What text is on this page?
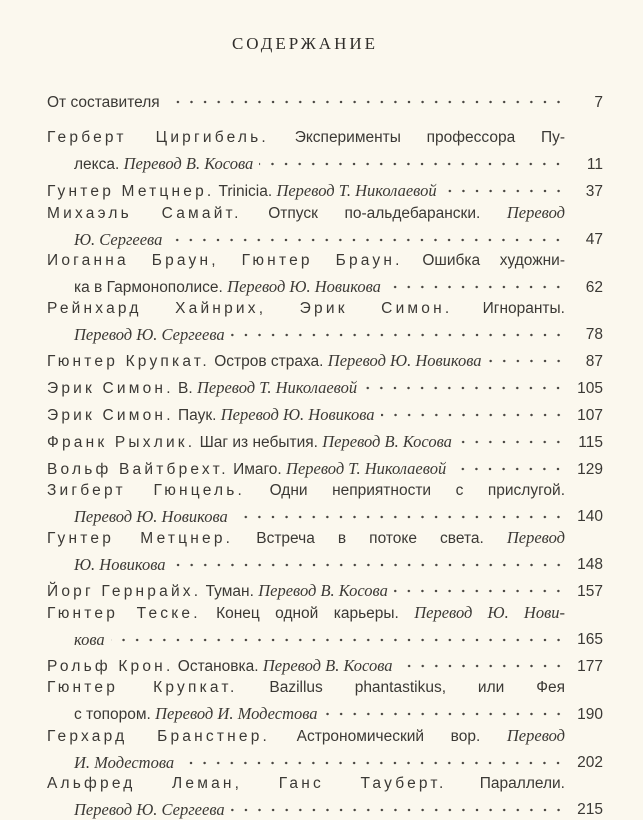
СОДЕРЖАНИЕ
От составителя	7
Герберт Циргибель. Эксперименты профессора Пу-
лекса. Перевод В. Косова	11
Гунтер Метцнер. Trinicia. Перевод Т. Николаевой	37
Михаэль Самайт. Отпуск по-альдебарански. Перевод
Ю. Сергеева	47
Иоганна Браун, Гюнтер Браун. Ошибка художни-
ка в Гармонополисе. Перевод Ю. Новикова	62
Рейнхард Хайнрих, Эрик Симон. Игноранты.
Перевод Ю. Сергеева	78
Гюнтер Крупкат. Остров страха. Перевод Ю. Новикова	87
Эрик Симон. В. Перевод Т. Николаевой	105
Эрик Симон. Паук. Перевод Ю. Новикова	107
Франк Рыхлик. Шаг из небытия. Перевод В. Косова	115
Вольф Вайтбрехт. Имаго. Перевод Т. Николаевой	129
Зигберт Гюнцель. Одни неприятности с прислугой.
Перевод Ю. Новикова	140
Гунтер Метцнер. Встреча в потоке света. Перевод
Ю. Новикова	148
Йорг Гернрайх. Туман. Перевод В. Косова	157
Гюнтер Теске. Конец одной карьеры. Перевод Ю. Нови-
кова	165
Рольф Крон. Остановка. Перевод В. Косова	177
Гюнтер Крупкат. Bazillus phantastikus, или Фея
с топором. Перевод И. Модестова	190
Герхард Бранстнер. Астрономический вор. Перевод
И. Модестова	202
Альфред Леман, Ганс Тауберт. Параллели.
Перевод Ю. Сергеева	215
